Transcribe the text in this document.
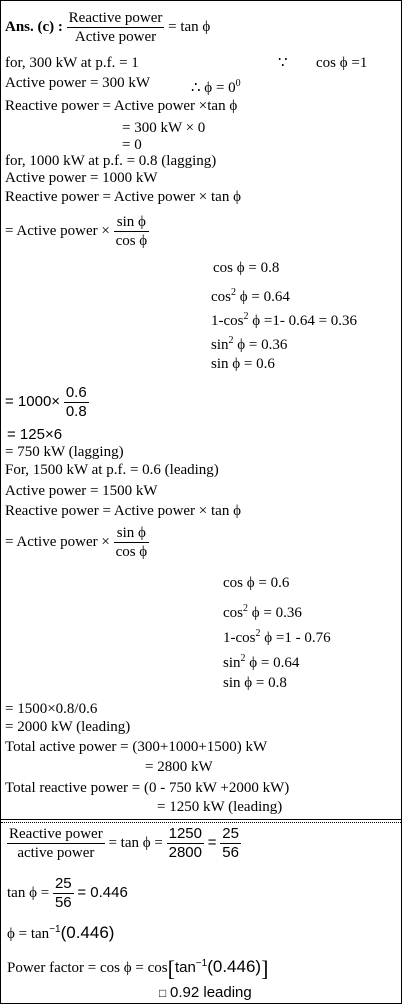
Ans. (c) : $\frac{\text{Reactive power}}{\text{Active power}} = \tan \phi$
for, 300 kW at p.f. = 1	∵ cos ϕ =1
Active power = 300 kW	∴ $\phi = 0^0$
Reactive power = Active power ×tan ϕ
= 300 kW × 0
= 0
for, 1000 kW at p.f. = 0.8 (lagging)
Active power = 1000 kW
Reactive power = Active power × tan ϕ
= Active power × $\frac{\text{sin ϕ}}{\text{cos ϕ}}$
cos ϕ = 0.8
$\cos^2 \phi = 0.64$
$1-\cos^2$ ϕ =1- 0.64 = 0.36
$\sin^2 \phi = 0.36$
sin ϕ = 0.6
= $1000\times \frac{0.6}{0.8}$
= 125×6
= 750 kW (lagging)
For, 1500 kW at p.f. = 0.6 (leading)
Active power = 1500 kW
Reactive power = Active power × tan ϕ
= Active power × $\frac{\text{sin ϕ}}{\text{cos ϕ}}$
cos ϕ = 0.6
$\cos^2 \phi = 0.36$
$1-\cos^2$ ϕ =1 - 0.76
$\sin^2 \phi = 0.64$
sin ϕ = 0.8
= 1500×0.8/0.6
= 2000 kW (leading)
Total active power = (300+1000+1500) kW
= 2800 kW
Total reactive power = (0 - 750 kW +2000 kW)
= 1250 kW (leading)
$\frac{\text{Reactive power}}{\text{active power}} = \tan \phi = \frac{1250}{2800} = \frac{25}{56}$
$\tan \phi = \frac{25}{56} = 0.446$
$\phi = \tan^{-1}(0.446)$
Power factor = $\cos \phi = \cos[\tan^{-1}(0.446)]$
□ 0.92 leading
